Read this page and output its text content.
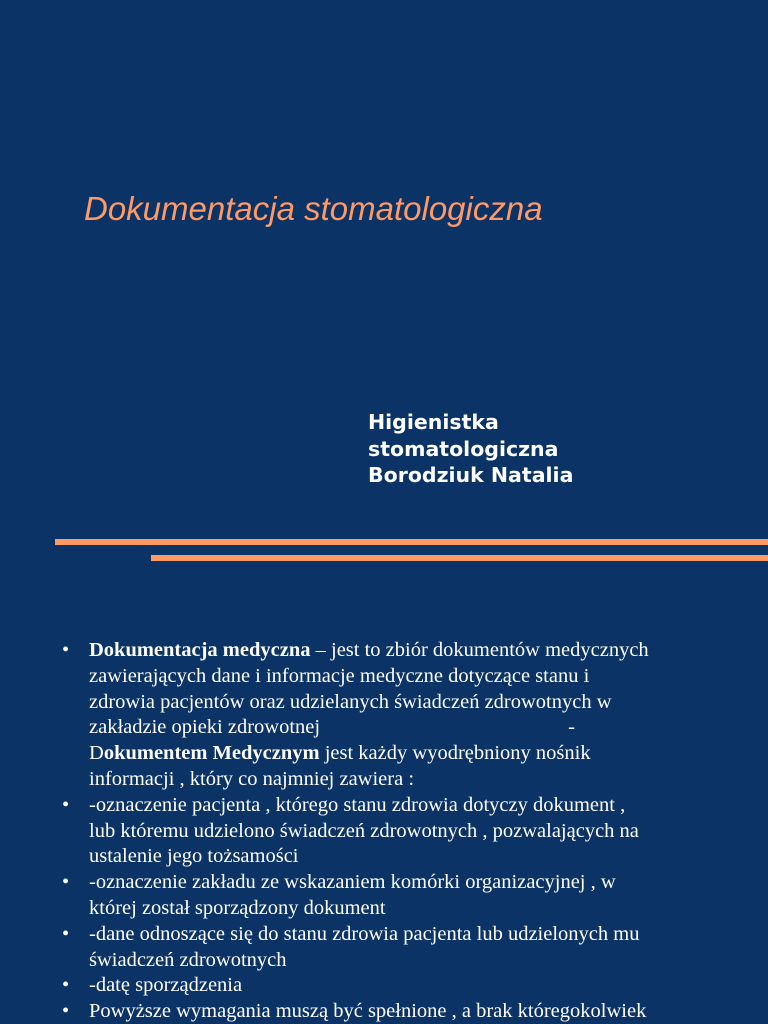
Dokumentacja stomatologiczna
Higienistka
stomatologiczna
Borodziuk Natalia
• Dokumentacja medyczna – jest to zbiór dokumentów medycznych
zawierających dane i informacje medyczne dotyczące stanu i
zdrowia pacjentów oraz udzielanych świadczeń zdrowotnych w
zakładzie opieki zdrowotnej	-
Dokumentem Medycznym jest każdy wyodrębniony nośnik
informacji , który co najmniej zawiera :
• -oznaczenie pacjenta , którego stanu zdrowia dotyczy dokument ,
lub któremu udzielono świadczeń zdrowotnych , pozwalających na
ustalenie jego tożsamości
• -oznaczenie zakładu ze wskazaniem komórki organizacyjnej , w
której został sporządzony dokument
• -dane odnoszące się do stanu zdrowia pacjenta lub udzielonych mu
świadczeń zdrowotnych
• -datę sporządzenia
• Powyższe wymagania muszą być spełnione , a brak któregokolwiek
